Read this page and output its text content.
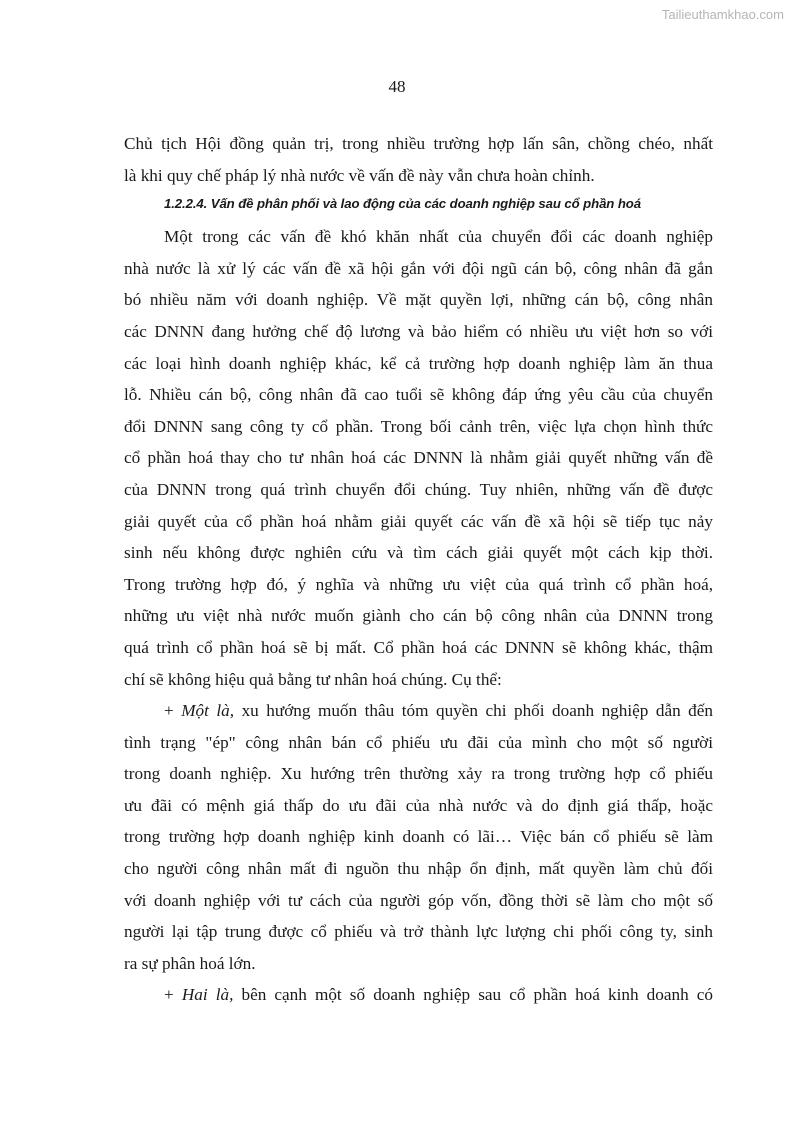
Tailieuthamkhao.com
48
Chủ tịch Hội đồng quản trị, trong nhiều trường hợp lấn sân, chồng chéo, nhất
là khi quy chế pháp lý nhà nước về vấn đề này vẫn chưa hoàn chỉnh.
1.2.2.4. Vấn đề phân phối và lao động của các doanh nghiệp sau cổ phần hoá
Một trong các vấn đề khó khăn nhất của chuyển đổi các doanh nghiệp
nhà nước là xử lý các vấn đề xã hội gắn với đội ngũ cán bộ, công nhân đã gắn
bó nhiều năm với doanh nghiệp. Về mặt quyền lợi, những cán bộ, công nhân
các DNNN đang hưởng chế độ lương và bảo hiểm có nhiều ưu việt hơn so với
các loại hình doanh nghiệp khác, kể cả trường hợp doanh nghiệp làm ăn thua
lỗ. Nhiều cán bộ, công nhân đã cao tuổi sẽ không đáp ứng yêu cầu của chuyển
đổi DNNN sang công ty cổ phần. Trong bối cảnh trên, việc lựa chọn hình thức
cổ phần hoá thay cho tư nhân hoá các DNNN là nhằm giải quyết những vấn đề
của DNNN trong quá trình chuyển đổi chúng. Tuy nhiên, những vấn đề được
giải quyết của cổ phần hoá nhằm giải quyết các vấn đề xã hội sẽ tiếp tục nảy
sinh nếu không được nghiên cứu và tìm cách giải quyết một cách kịp thời.
Trong trường hợp đó, ý nghĩa và những ưu việt của quá trình cổ phần hoá,
những ưu việt nhà nước muốn giành cho cán bộ công nhân của DNNN trong
quá trình cổ phần hoá sẽ bị mất. Cổ phần hoá các DNNN sẽ không khác, thậm
chí sẽ không hiệu quả bằng tư nhân hoá chúng. Cụ thể:
+ Một là, xu hướng muốn thâu tóm quyền chi phối doanh nghiệp dẫn đến
tình trạng "ép" công nhân bán cổ phiếu ưu đãi của mình cho một số người
trong doanh nghiệp. Xu hướng trên thường xảy ra trong trường hợp cổ phiếu
ưu đãi có mệnh giá thấp do ưu đãi của nhà nước và do định giá thấp, hoặc
trong trường hợp doanh nghiệp kinh doanh có lãi… Việc bán cổ phiếu sẽ làm
cho người công nhân mất đi nguồn thu nhập ổn định, mất quyền làm chủ đối
với doanh nghiệp với tư cách của người góp vốn, đồng thời sẽ làm cho một số
người lại tập trung được cổ phiếu và trở thành lực lượng chi phối công ty, sinh
ra sự phân hoá lớn.
+ Hai là, bên cạnh một số doanh nghiệp sau cổ phần hoá kinh doanh có
